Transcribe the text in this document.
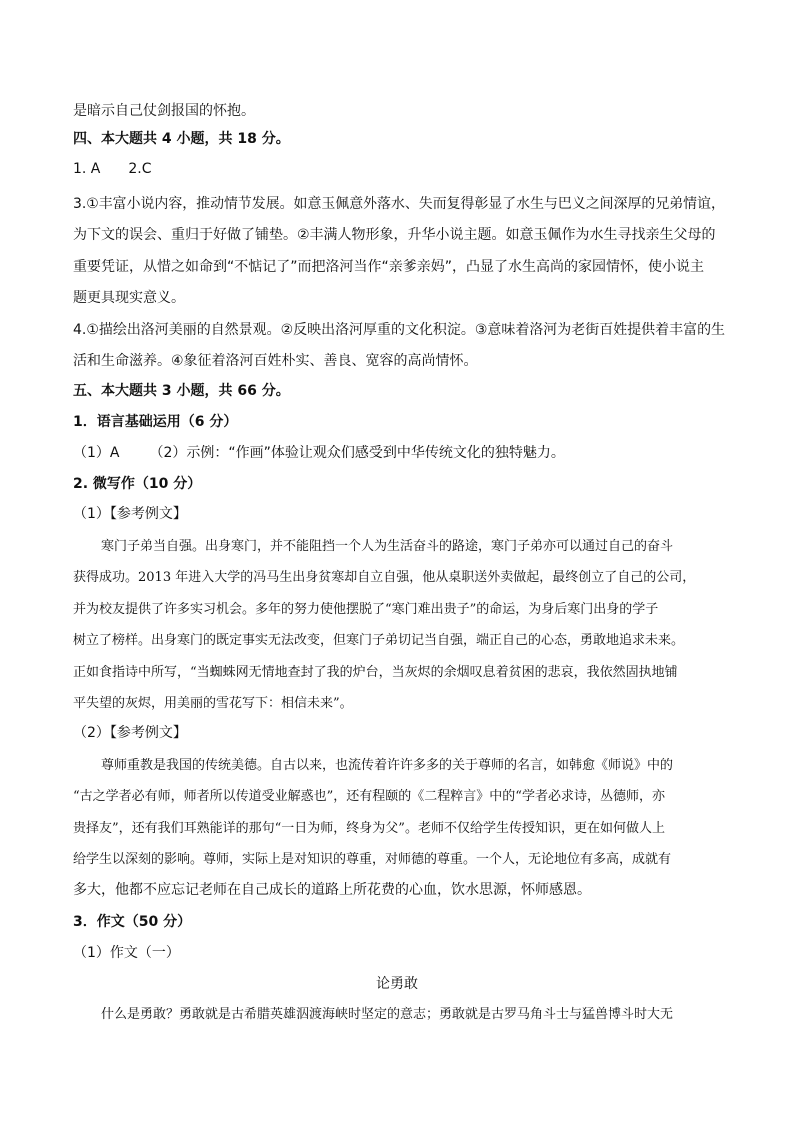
是暗示自己仗剑报国的怀抱。
四、本大题共 4 小题，共 18 分。
1. A 2.C
3.①丰富小说内容，推动情节发展。如意玉佩意外落水、失而复得彰显了水生与巴义之间深厚的兄弟情谊，
为下文的误会、重归于好做了铺垫。②丰满人物形象，升华小说主题。如意玉佩作为水生寻找亲生父母的
重要凭证，从惜之如命到“不惦记了”而把洛河当作“亲爹亲妈”，凸显了水生高尚的家园情怀，使小说主
题更具现实意义。
4.①描绘出洛河美丽的自然景观。②反映出洛河厚重的文化积淀。③意味着洛河为老街百姓提供着丰富的生
活和生命滋养。④象征着洛河百姓朴实、善良、宽容的高尚情怀。
五、本大题共 3 小题，共 66 分。
1．语言基础运用（6 分）
（1）A （2）示例：“作画”体验让观众们感受到中华传统文化的独特魅力。
2. 微写作（10 分）
（1）【参考例文】
寒门子弟当自强。出身寒门，并不能阻挡一个人为生活奋斗的路途，寒门子弟亦可以通过自己的奋斗
获得成功。2013 年进入大学的冯马生出身贫寒却自立自强，他从桌职送外卖做起，最终创立了自己的公司，
并为校友提供了许多实习机会。多年的努力使他摆脱了“寒门难出贵子”的命运，为身后寒门出身的学子
树立了榜样。出身寒门的既定事实无法改变，但寒门子弟切记当自强，端正自己的心态，勇敢地追求未来。
正如食指诗中所写，“当蜘蛛网无情地查封了我的炉台，当灰烬的余烟叹息着贫困的悲哀，我依然固执地铺
平失望的灰烬，用美丽的雪花写下：相信未来”。
（2）【参考例文】
尊师重教是我国的传统美德。自古以来，也流传着许许多多的关于尊师的名言，如韩愈《师说》中的
“古之学者必有师，师者所以传道受业解惑也”，还有程颐的《二程粹言》中的“学者必求诗，丛德师，亦
贵择友”，还有我们耳熟能详的那句“一日为师，终身为父”。老师不仅给学生传授知识，更在如何做人上
给学生以深刻的影响。尊师，实际上是对知识的尊重，对师德的尊重。一个人，无论地位有多高，成就有
多大，他都不应忘记老师在自己成长的道路上所花费的心血，饮水思源，怀师感恩。
3．作文（50 分）
（1）作文（一）
论勇敢
什么是勇敢？勇敢就是古希腊英雄泅渡海峡时坚定的意志；勇敢就是古罗马角斗士与猛兽博斗时大无
